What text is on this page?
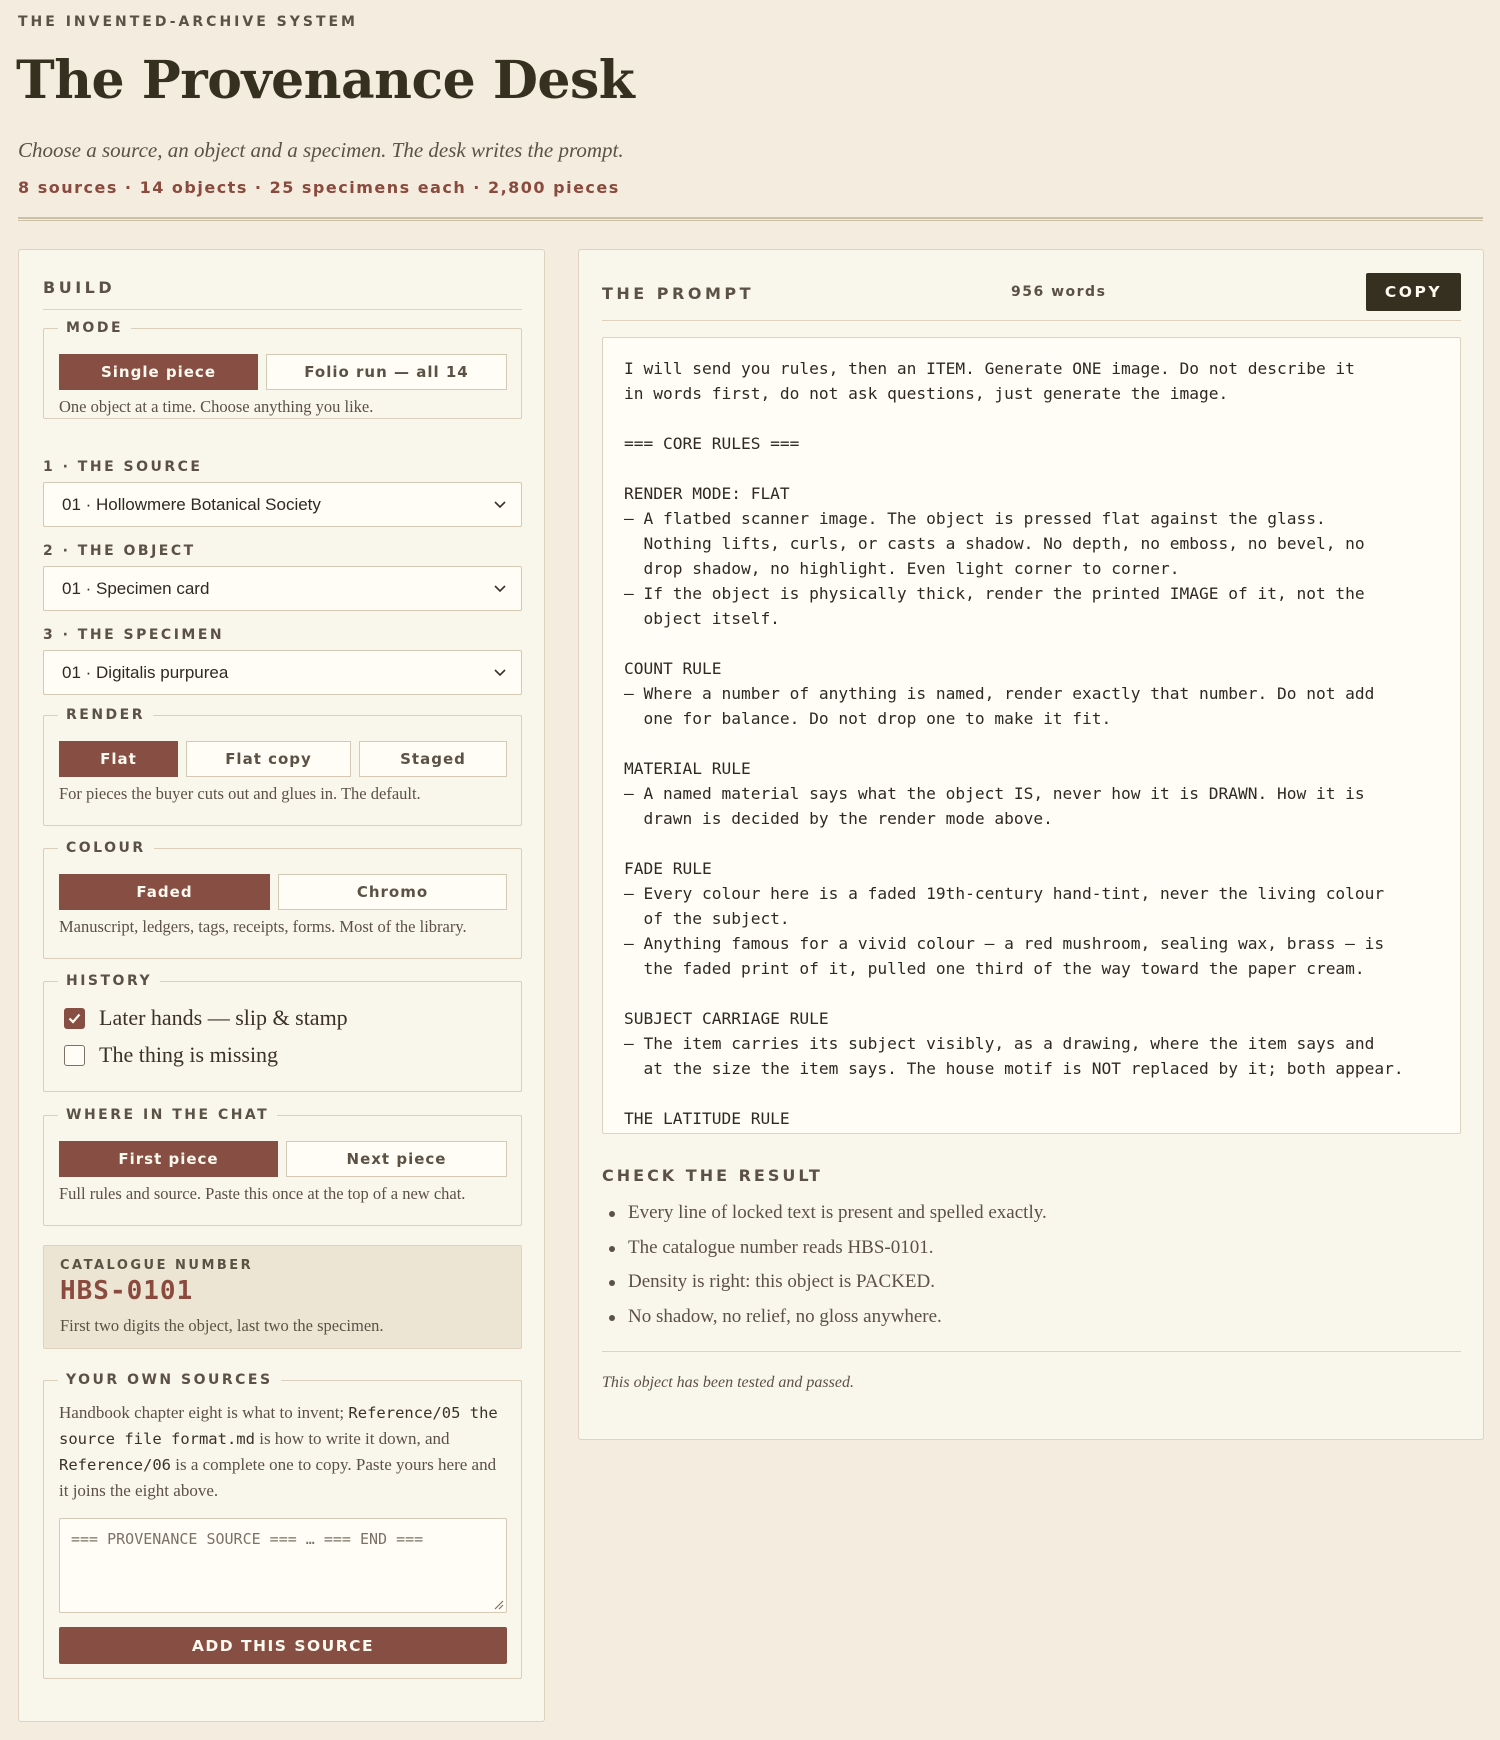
THE INVENTED-ARCHIVE SYSTEM
The Provenance Desk
Choose a source, an object and a specimen. The desk writes the prompt.
8 sources · 14 objects · 25 specimens each · 2,800 pieces
BUILD
MODE
Single piece	Folio run — all 14
One object at a time. Choose anything you like.
1 · THE SOURCE
01 · Hollowmere Botanical Society
2 · THE OBJECT
01 · Specimen card
3 · THE SPECIMEN
01 · Digitalis purpurea
RENDER
Flat	Flat copy	Staged
For pieces the buyer cuts out and glues in. The default.
COLOUR
Faded	Chromo
Manuscript, ledgers, tags, receipts, forms. Most of the library.
HISTORY
Later hands — slip & stamp
The thing is missing
WHERE IN THE CHAT
First piece	Next piece
Full rules and source. Paste this once at the top of a new chat.
CATALOGUE NUMBER
HBS-0101
First two digits the object, last two the specimen.
YOUR OWN SOURCES
Handbook chapter eight is what to invent; Reference/05 the source file format.md is how to write it down, and Reference/06 is a complete one to copy. Paste yours here and it joins the eight above.
=== PROVENANCE SOURCE === … === END ===
ADD THIS SOURCE
THE PROMPT	956 words	COPY
I will send you rules, then an ITEM. Generate ONE image. Do not describe it
in words first, do not ask questions, just generate the image.

=== CORE RULES ===

RENDER MODE: FLAT
– A flatbed scanner image. The object is pressed flat against the glass.
Nothing lifts, curls, or casts a shadow. No depth, no emboss, no bevel, no
drop shadow, no highlight. Even light corner to corner.
– If the object is physically thick, render the printed IMAGE of it, not the
object itself.

COUNT RULE
– Where a number of anything is named, render exactly that number. Do not add
one for balance. Do not drop one to make it fit.

MATERIAL RULE
– A named material says what the object IS, never how it is DRAWN. How it is
drawn is decided by the render mode above.

FADE RULE
– Every colour here is a faded 19th-century hand-tint, never the living colour
of the subject.
– Anything famous for a vivid colour – a red mushroom, sealing wax, brass – is
the faded print of it, pulled one third of the way toward the paper cream.

SUBJECT CARRIAGE RULE
– The item carries its subject visibly, as a drawing, where the item says and
at the size the item says. The house motif is NOT replaced by it; both appear.

THE LATITUDE RULE
CHECK THE RESULT
Every line of locked text is present and spelled exactly.
The catalogue number reads HBS-0101.
Density is right: this object is PACKED.
No shadow, no relief, no gloss anywhere.
This object has been tested and passed.
